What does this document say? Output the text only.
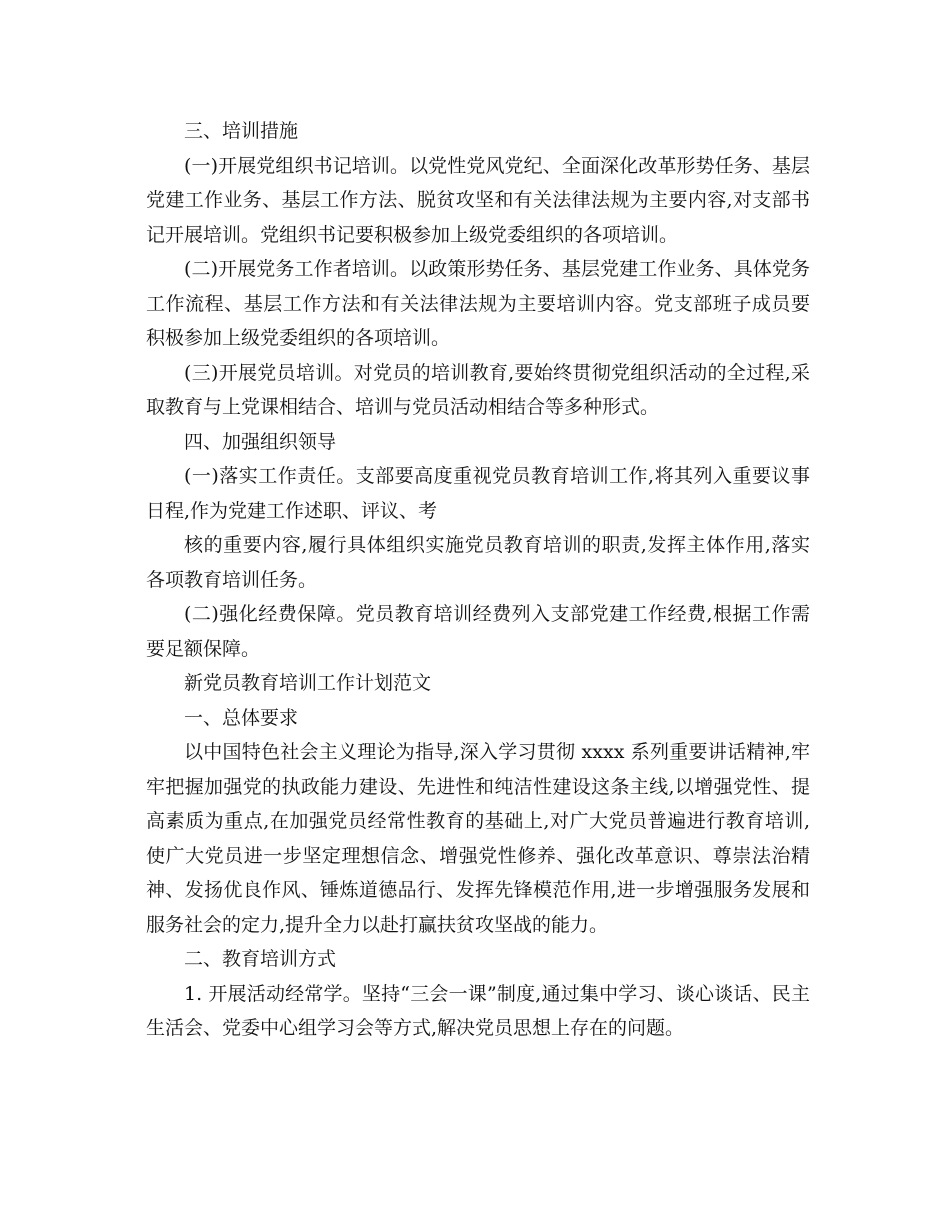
三、培训措施

(一)开展党组织书记培训。以党性党风党纪、全面深化改革形势任务、基层党建工作业务、基层工作方法、脱贫攻坚和有关法律法规为主要内容,对支部书记开展培训。党组织书记要积极参加上级党委组织的各项培训。

(二)开展党务工作者培训。以政策形势任务、基层党建工作业务、具体党务工作流程、基层工作方法和有关法律法规为主要培训内容。党支部班子成员要积极参加上级党委组织的各项培训。

(三)开展党员培训。对党员的培训教育,要始终贯彻党组织活动的全过程,采取教育与上党课相结合、培训与党员活动相结合等多种形式。

四、加强组织领导

(一)落实工作责任。支部要高度重视党员教育培训工作,将其列入重要议事日程,作为党建工作述职、评议、考

核的重要内容,履行具体组织实施党员教育培训的职责,发挥主体作用,落实各项教育培训任务。

(二)强化经费保障。党员教育培训经费列入支部党建工作经费,根据工作需要足额保障。

新党员教育培训工作计划范文

一、总体要求

以中国特色社会主义理论为指导,深入学习贯彻 xxxx 系列重要讲话精神,牢牢把握加强党的执政能力建设、先进性和纯洁性建设这条主线,以增强党性、提高素质为重点,在加强党员经常性教育的基础上,对广大党员普遍进行教育培训,使广大党员进一步坚定理想信念、增强党性修养、强化改革意识、尊崇法治精神、发扬优良作风、锤炼道德品行、发挥先锋模范作用,进一步增强服务发展和服务社会的定力,提升全力以赴打赢扶贫攻坚战的能力。

二、教育培训方式

1. 开展活动经常学。坚持“三会一课”制度,通过集中学习、谈心谈话、民主生活会、党委中心组学习会等方式,解决党员思想上存在的问题。
